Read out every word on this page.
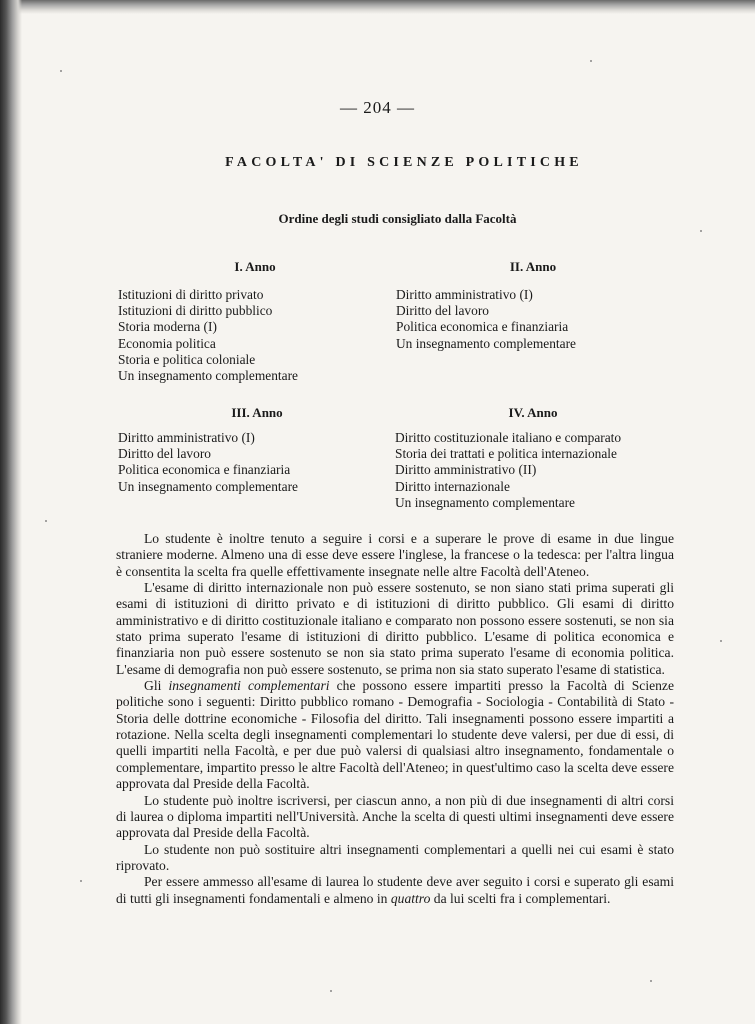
— 204 —
FACOLTA' DI SCIENZE POLITICHE
Ordine degli studi consigliato dalla Facoltà
I. Anno
Istituzioni di diritto privato
Istituzioni di diritto pubblico
Storia moderna (I)
Economia politica
Storia e politica coloniale
Un insegnamento complementare
II. Anno
Diritto amministrativo (I)
Diritto del lavoro
Politica economica e finanziaria
Un insegnamento complementare
III. Anno
Diritto amministrativo (I)
Diritto del lavoro
Politica economica e finanziaria
Un insegnamento complementare
IV. Anno
Diritto costituzionale italiano e comparato
Storia dei trattati e politica internazionale
Diritto amministrativo (II)
Diritto internazionale
Un insegnamento complementare

Lo studente è inoltre tenuto a seguire i corsi e a superare le prove di esame in due lingue straniere moderne. Almeno una di esse deve essere l'inglese, la francese o la tedesca: per l'altra lingua è consentita la scelta fra quelle effettivamente insegnate nelle altre Facoltà dell'Ateneo.

L'esame di diritto internazionale non può essere sostenuto, se non siano stati prima superati gli esami di istituzioni di diritto privato e di istituzioni di diritto pubblico. Gli esami di diritto amministrativo e di diritto costituzionale italiano e comparato non possono essere sostenuti, se non sia stato prima superato l'esame di istituzioni di diritto pubblico. L'esame di politica economica e finanziaria non può essere sostenuto se non sia stato prima superato l'esame di economia politica. L'esame di demografia non può essere sostenuto, se prima non sia stato superato l'esame di statistica.

Gli insegnamenti complementari che possono essere impartiti presso la Facoltà di Scienze politiche sono i seguenti: Diritto pubblico romano - Demografia - Sociologia - Contabilità di Stato - Storia delle dottrine economiche - Filosofia del diritto. Tali insegnamenti possono essere impartiti a rotazione. Nella scelta degli insegnamenti complementari lo studente deve valersi, per due di essi, di quelli impartiti nella Facoltà, e per due può valersi di qualsiasi altro insegnamento, fondamentale o complementare, impartito presso le altre Facoltà dell'Ateneo; in quest'ultimo caso la scelta deve essere approvata dal Preside della Facoltà.

Lo studente può inoltre iscriversi, per ciascun anno, a non più di due insegnamenti di altri corsi di laurea o diploma impartiti nell'Università. Anche la scelta di questi ultimi insegnamenti deve essere approvata dal Preside della Facoltà.

Lo studente non può sostituire altri insegnamenti complementari a quelli nei cui esami è stato riprovato.

Per essere ammesso all'esame di laurea lo studente deve aver seguito i corsi e superato gli esami di tutti gli insegnamenti fondamentali e almeno in quattro da lui scelti fra i complementari.
